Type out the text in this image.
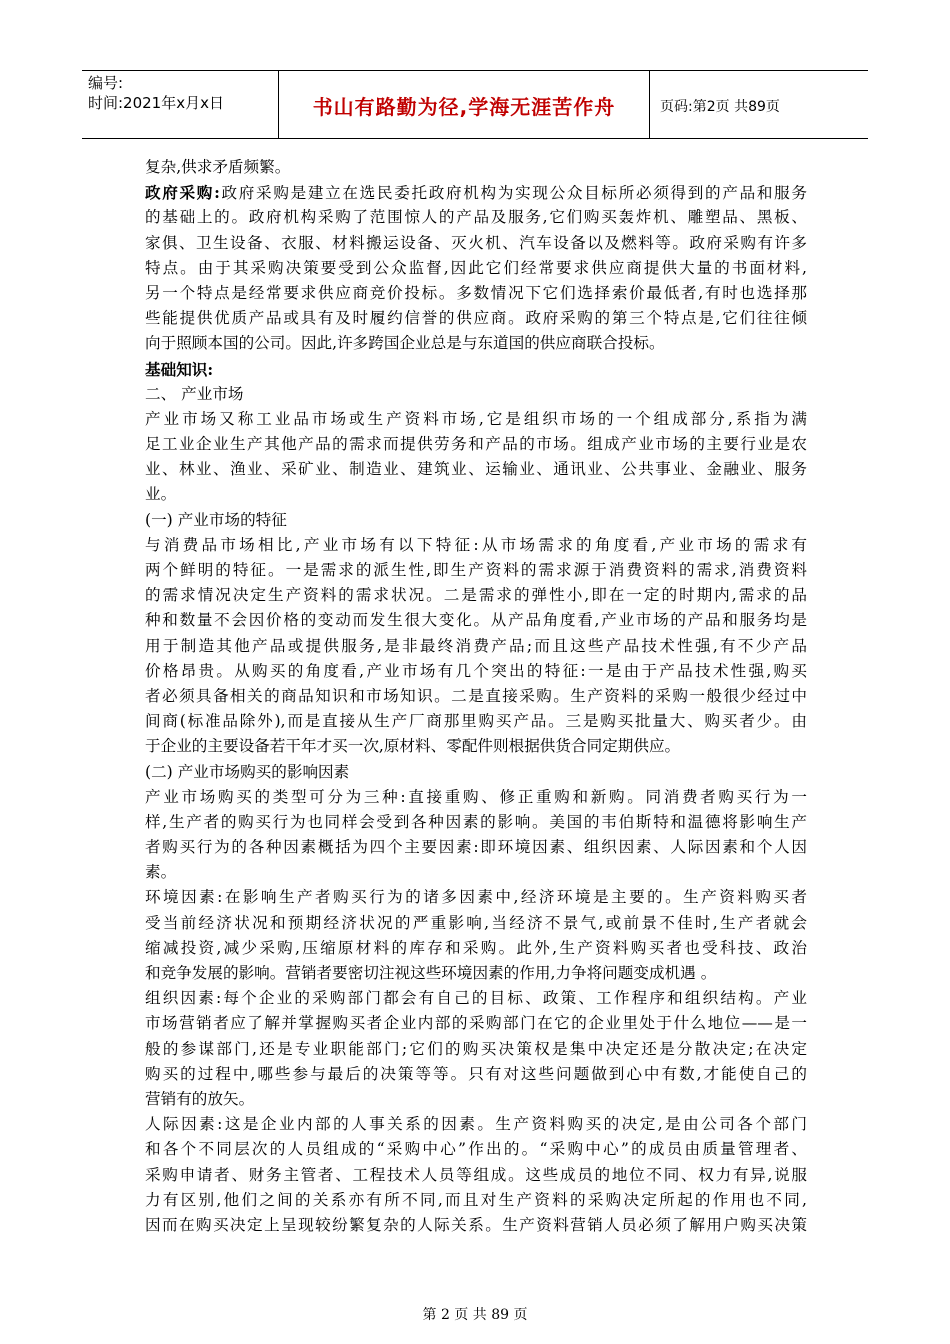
编号:
时间:2021年x月x日	书山有路勤为径,学海无涯苦作舟	页码:第2页 共89页
复杂,供求矛盾频繁。
政府采购:政府采购是建立在选民委托政府机构为实现公众目标所必须得到的产品和服务
的基础上的。政府机构采购了范围惊人的产品及服务,它们购买轰炸机、雕塑品、黑板、
家俱、卫生设备、衣服、材料搬运设备、灭火机、汽车设备以及燃料等。政府采购有许多
特点。由于其采购决策要受到公众监督,因此它们经常要求供应商提供大量的书面材料,
另一个特点是经常要求供应商竞价投标。多数情况下它们选择索价最低者,有时也选择那
些能提供优质产品或具有及时履约信誉的供应商。政府采购的第三个特点是,它们往往倾
向于照顾本国的公司。因此,许多跨国企业总是与东道国的供应商联合投标。
基础知识:
二、 产业市场
产业市场又称工业品市场或生产资料市场,它是组织市场的一个组成部分,系指为满
足工业企业生产其他产品的需求而提供劳务和产品的市场。组成产业市场的主要行业是农
业、林业、渔业、采矿业、制造业、建筑业、运输业、通讯业、公共事业、金融业、服务
业。
(一) 产业市场的特征
与消费品市场相比,产业市场有以下特征:从市场需求的角度看,产业市场的需求有
两个鲜明的特征。一是需求的派生性,即生产资料的需求源于消费资料的需求,消费资料
的需求情况决定生产资料的需求状况。二是需求的弹性小,即在一定的时期内,需求的品
种和数量不会因价格的变动而发生很大变化。从产品角度看,产业市场的产品和服务均是
用于制造其他产品或提供服务,是非最终消费产品;而且这些产品技术性强,有不少产品
价格昂贵。从购买的角度看,产业市场有几个突出的特征:一是由于产品技术性强,购买
者必须具备相关的商品知识和市场知识。二是直接采购。生产资料的采购一般很少经过中
间商(标准品除外),而是直接从生产厂商那里购买产品。三是购买批量大、购买者少。由
于企业的主要设备若干年才买一次,原材料、零配件则根据供货合同定期供应。
(二) 产业市场购买的影响因素
产业市场购买的类型可分为三种:直接重购、修正重购和新购。同消费者购买行为一
样,生产者的购买行为也同样会受到各种因素的影响。美国的韦伯斯特和温德将影响生产
者购买行为的各种因素概括为四个主要因素:即环境因素、组织因素、人际因素和个人因
素。
环境因素:在影响生产者购买行为的诸多因素中,经济环境是主要的。生产资料购买者
受当前经济状况和预期经济状况的严重影响,当经济不景气,或前景不佳时,生产者就会
缩减投资,减少采购,压缩原材料的库存和采购。此外,生产资料购买者也受科技、政治
和竞争发展的影响。营销者要密切注视这些环境因素的作用,力争将问题变成机遇 。
组织因素:每个企业的采购部门都会有自己的目标、政策、工作程序和组织结构。产业
市场营销者应了解并掌握购买者企业内部的采购部门在它的企业里处于什么地位——是一
般的参谋部门,还是专业职能部门;它们的购买决策权是集中决定还是分散决定;在决定
购买的过程中,哪些参与最后的决策等等。只有对这些问题做到心中有数,才能使自己的
营销有的放矢。
人际因素:这是企业内部的人事关系的因素。生产资料购买的决定,是由公司各个部门
和各个不同层次的人员组成的“采购中心”作出的。“采购中心”的成员由质量管理者、
采购申请者、财务主管者、工程技术人员等组成。这些成员的地位不同、权力有异,说服
力有区别,他们之间的关系亦有所不同,而且对生产资料的采购决定所起的作用也不同,
因而在购买决定上呈现较纷繁复杂的人际关系。生产资料营销人员必须了解用户购买决策
第 2 页 共 89 页
